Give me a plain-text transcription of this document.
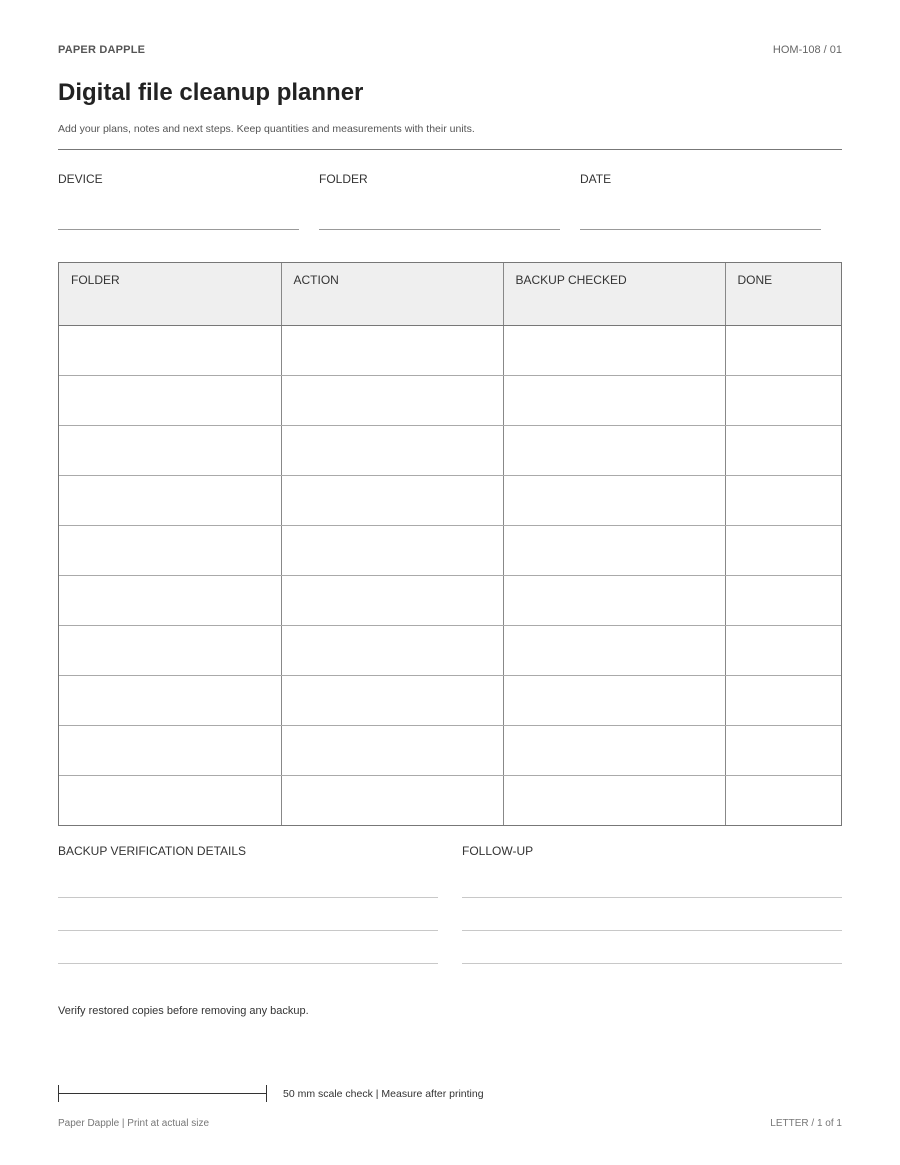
PAPER DAPPLE	HOM-108 / 01
Digital file cleanup planner
Add your plans, notes and next steps. Keep quantities and measurements with their units.
DEVICE	FOLDER	DATE
FOLDER	ACTION	BACKUP CHECKED	DONE

BACKUP VERIFICATION DETAILS	FOLLOW-UP
Verify restored copies before removing any backup.
50 mm scale check | Measure after printing
Paper Dapple | Print at actual size	LETTER / 1 of 1
